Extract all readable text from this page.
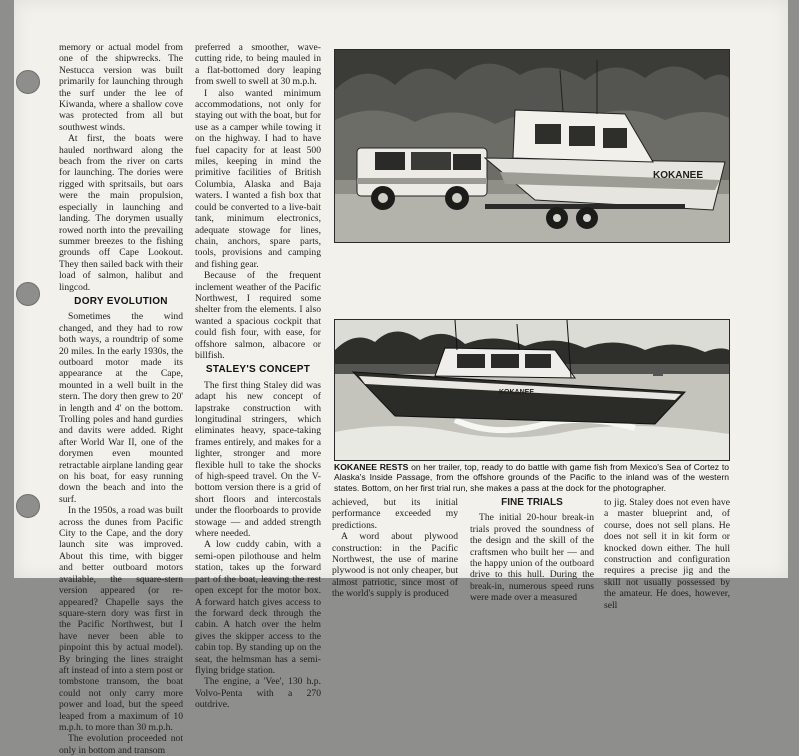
memory or actual model from one of the shipwrecks. The Nestucca version was built primarily for launching through the surf under the lee of Kiwanda, where a shallow cove was protected from all but southwest winds.

At first, the boats were hauled northward along the beach from the river on carts for launching. The dories were rigged with spritsails, but oars were the main propulsion, especially in launching and landing. The dorymen usually rowed north into the prevailing summer breezes to the fishing grounds off Cape Lookout. They then sailed back with their load of salmon, halibut and lingcod.

DORY EVOLUTION

Sometimes the wind changed, and they had to row both ways, a roundtrip of some 20 miles. In the early 1930s, the outboard motor made its appearance at the Cape, mounted in a well built in the stern. The dory then grew to 20' in length and 4' on the bottom. Trolling poles and hand gurdies and davits were added. Right after World War II, one of the dorymen even mounted retractable airplane landing gear on his boat, for easy running down the beach and into the surf.

In the 1950s, a road was built across the dunes from Pacific City to the Cape, and the dory launch site was improved. About this time, with bigger and better outboard motors available, the square-stern version appeared (or re-appeared? Chapelle says the square-stern dory was first in the Pacific Northwest, but I have never been able to pinpoint this by actual model). By bringing the lines straight aft instead of into a stern post or tombstone transom, the boat could not only carry more power and load, but the speed leaped from a maximum of 10 m.p.h. to more than 30 m.p.h.

The evolution proceeded not only in bottom and transom

preferred a smoother, wave-cutting ride, to being mauled in a flat-bottomed dory leaping from swell to swell at 30 m.p.h.

I also wanted minimum accommodations, not only for staying out with the boat, but for use as a camper while towing it on the highway. I had to have fuel capacity for at least 500 miles, keeping in mind the primitive facilities of British Columbia, Alaska and Baja waters. I wanted a fish box that could be converted to a live-bait tank, minimum electronics, adequate stowage for lines, chain, anchors, spare parts, tools, provisions and camping and fishing gear.

Because of the frequent inclement weather of the Pacific Northwest, I required some shelter from the elements. I also wanted a spacious cockpit that could fish four, with ease, for offshore salmon, albacore or billfish.

STALEY'S CONCEPT

The first thing Staley did was adapt his new concept of lapstrake construction with longitudinal stringers, which eliminates heavy, space-taking frames entirely, and makes for a lighter, stronger and more flexible hull to take the shocks of high-speed travel. On the V-bottom version there is a grid of short floors and intercostals under the floorboards to provide stowage — and added strength where needed.

A low cuddy cabin, with a semi-open pilothouse and helm station, takes up the forward part of the boat, leaving the rest open except for the motor box. A forward hatch gives access to the forward deck through the cabin. A hatch over the helm gives the skipper access to the cabin top. By standing up on the seat, the helmsman has a semi-flying bridge station.

The engine, a 'Vee', 130 h.p. Volvo-Penta with a 270 outdrive.

KOKANEE
KOKANEE
KOKANEE RESTS on her trailer, top, ready to do battle with game fish from Mexico's Sea of Cortez to Alaska's Inside Passage, from the offshore grounds of the Pacific to the inland was of the western states. Bottom, on her first trial run, she makes a pass at the dock for the photographer.

achieved, but its initial performance exceeded my predictions.

A word about plywood construction: in the Pacific Northwest, the use of marine plywood is not only cheaper, but almost patriotic, since most of the world's supply is produced

FINE TRIALS

The initial 20-hour break-in trials proved the soundness of the design and the skill of the craftsmen who built her — and the happy union of the outboard drive to this hull. During the break-in, numerous speed runs were made over a measured

to jig. Staley does not even have a master blueprint and, of course, does not sell plans. He does not sell it in kit form or knocked down either. The hull construction and configuration requires a precise jig and the skill not usually possessed by the amateur. He does, however, sell
